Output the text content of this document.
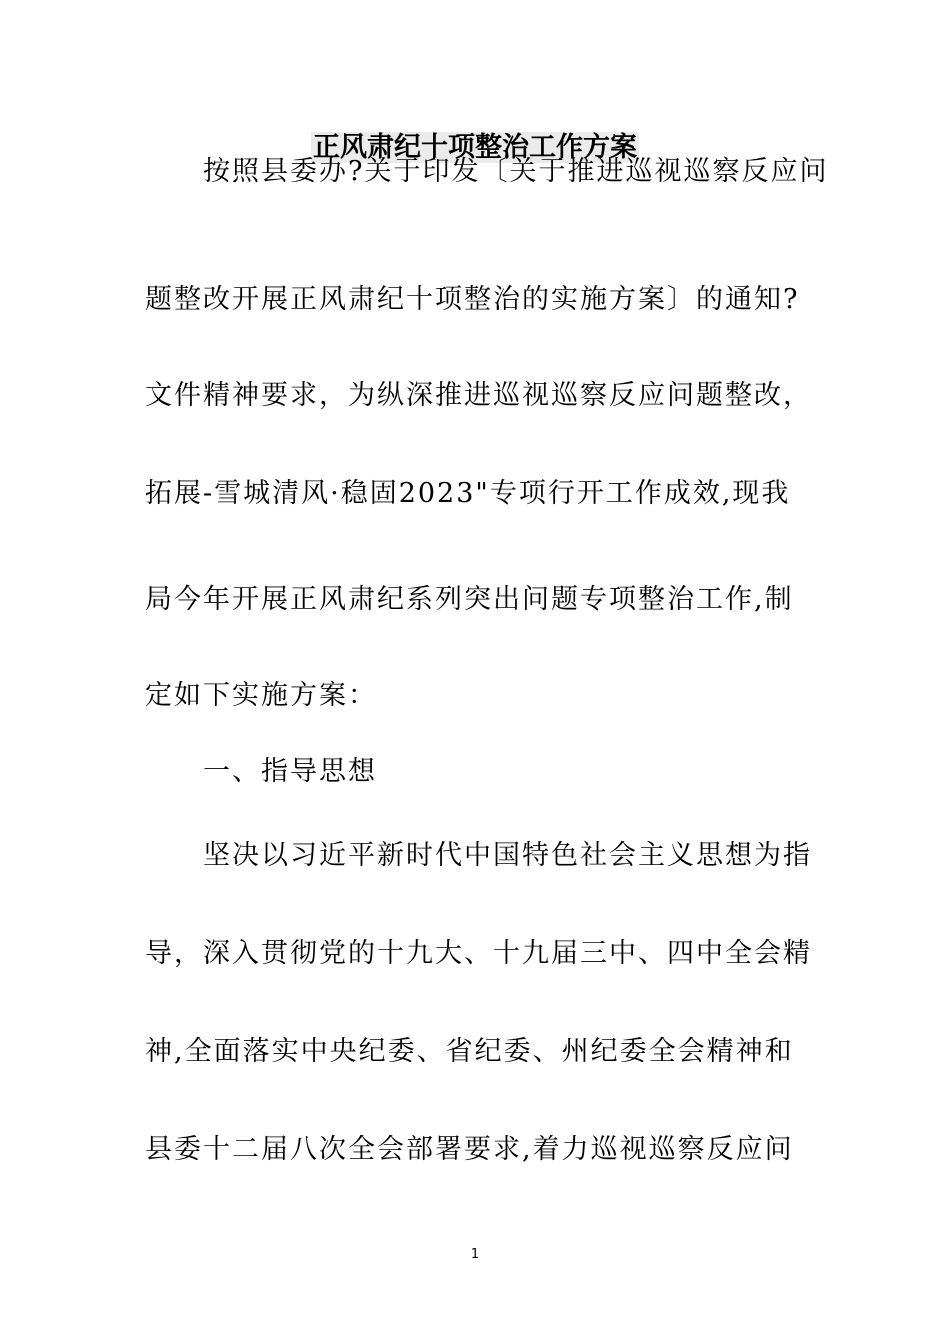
正风肃纪十项整治工作方案
按照县委办?关于印发〔关于推进巡视巡察反应问
题整改开展正风肃纪十项整治的实施方案〕的通知?
文件精神要求，为纵深推进巡视巡察反应问题整改，
拓展-雪城清风·稳固2023"专项行开工作成效,现我
局今年开展正风肃纪系列突出问题专项整治工作,制
定如下实施方案：
一、指导思想
坚决以习近平新时代中国特色社会主义思想为指
导，深入贯彻党的十九大、十九届三中、四中全会精
神,全面落实中央纪委、省纪委、州纪委全会精神和
县委十二届八次全会部署要求,着力巡视巡察反应问
1
